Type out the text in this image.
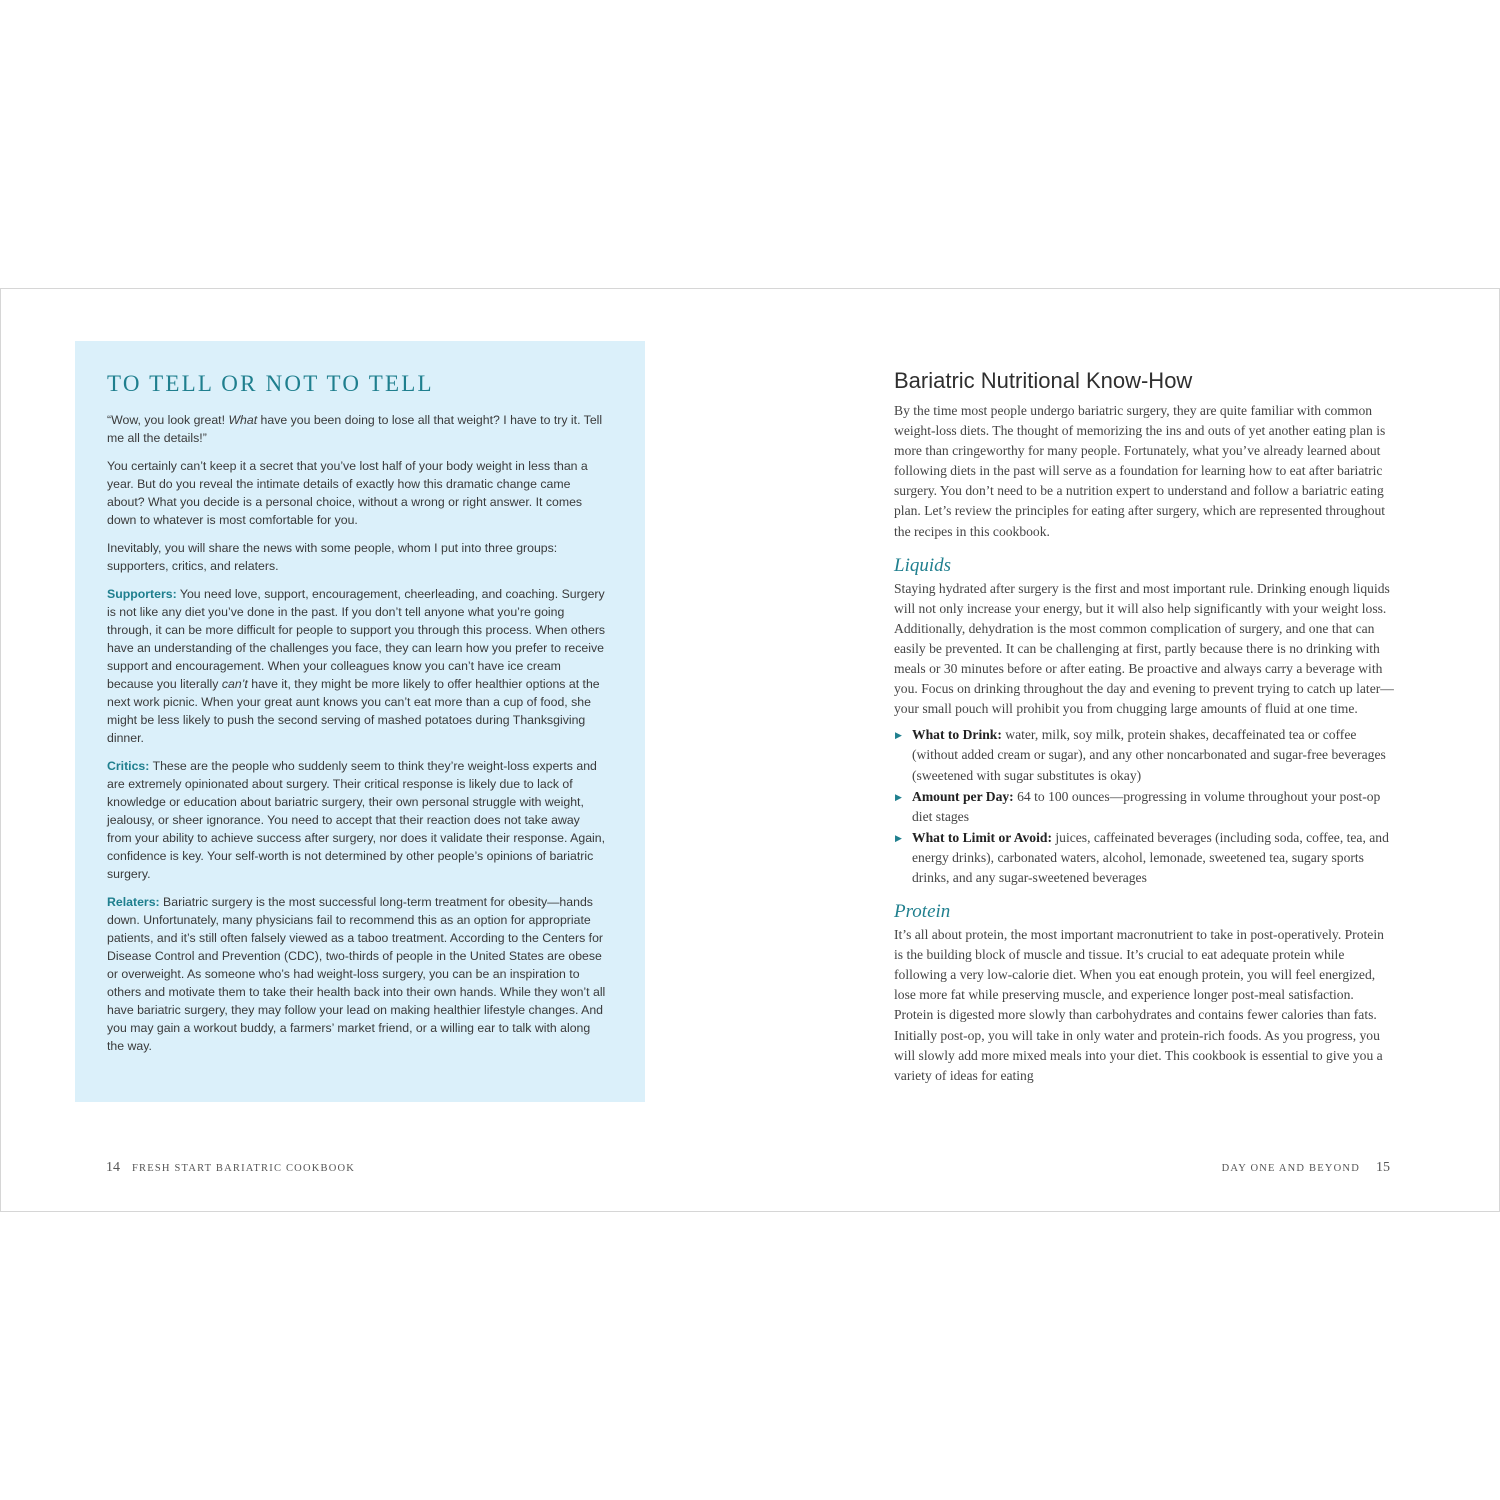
TO TELL OR NOT TO TELL

“Wow, you look great! What have you been doing to lose all that weight? I have to try it. Tell me all the details!”

You certainly can’t keep it a secret that you’ve lost half of your body weight in less than a year. But do you reveal the intimate details of exactly how this dramatic change came about? What you decide is a personal choice, without a wrong or right answer. It comes down to whatever is most comfortable for you.

Inevitably, you will share the news with some people, whom I put into three groups: supporters, critics, and relaters.

Supporters: You need love, support, encouragement, cheerleading, and coaching. Surgery is not like any diet you’ve done in the past. If you don’t tell anyone what you’re going through, it can be more difficult for people to support you through this process. When others have an understanding of the challenges you face, they can learn how you prefer to receive support and encouragement. When your colleagues know you can’t have ice cream because you literally can’t have it, they might be more likely to offer healthier options at the next work picnic. When your great aunt knows you can’t eat more than a cup of food, she might be less likely to push the second serving of mashed potatoes during Thanksgiving dinner.

Critics: These are the people who suddenly seem to think they’re weight-loss experts and are extremely opinionated about surgery. Their critical response is likely due to lack of knowledge or education about bariatric surgery, their own personal struggle with weight, jealousy, or sheer ignorance. You need to accept that their reaction does not take away from your ability to achieve success after surgery, nor does it validate their response. Again, confidence is key. Your self-worth is not determined by other people’s opinions of bariatric surgery.

Relaters: Bariatric surgery is the most successful long-term treatment for obesity—hands down. Unfortunately, many physicians fail to recommend this as an option for appropriate patients, and it’s still often falsely viewed as a taboo treatment. According to the Centers for Disease Control and Prevention (CDC), two-thirds of people in the United States are obese or overweight. As someone who’s had weight-loss surgery, you can be an inspiration to others and motivate them to take their health back into their own hands. While they won’t all have bariatric surgery, they may follow your lead on making healthier lifestyle changes. And you may gain a workout buddy, a farmers’ market friend, or a willing ear to talk with along the way.

Bariatric Nutritional Know-How

By the time most people undergo bariatric surgery, they are quite familiar with common weight-loss diets. The thought of memorizing the ins and outs of yet another eating plan is more than cringeworthy for many people. Fortunately, what you’ve already learned about following diets in the past will serve as a foundation for learning how to eat after bariatric surgery. You don’t need to be a nutrition expert to understand and follow a bariatric eating plan. Let’s review the principles for eating after surgery, which are represented throughout the recipes in this cookbook.

Liquids

Staying hydrated after surgery is the first and most important rule. Drinking enough liquids will not only increase your energy, but it will also help significantly with your weight loss. Additionally, dehydration is the most common complication of surgery, and one that can easily be prevented. It can be challenging at first, partly because there is no drinking with meals or 30 minutes before or after eating. Be proactive and always carry a beverage with you. Focus on drinking throughout the day and evening to prevent trying to catch up later—your small pouch will prohibit you from chugging large amounts of fluid at one time.

▶ What to Drink: water, milk, soy milk, protein shakes, decaffeinated tea or coffee (without added cream or sugar), and any other noncarbonated and sugar-free beverages (sweetened with sugar substitutes is okay)
▶ Amount per Day: 64 to 100 ounces—progressing in volume throughout your post-op diet stages
▶ What to Limit or Avoid: juices, caffeinated beverages (including soda, coffee, tea, and energy drinks), carbonated waters, alcohol, lemonade, sweetened tea, sugary sports drinks, and any sugar-sweetened beverages
Protein

It’s all about protein, the most important macronutrient to take in post-operatively. Protein is the building block of muscle and tissue. It’s crucial to eat adequate protein while following a very low-calorie diet. When you eat enough protein, you will feel energized, lose more fat while preserving muscle, and experience longer post-meal satisfaction. Protein is digested more slowly than carbohydrates and contains fewer calories than fats. Initially post-op, you will take in only water and protein-rich foods. As you progress, you will slowly add more mixed meals into your diet. This cookbook is essential to give you a variety of ideas for eating

14 FRESH START BARIATRIC COOKBOOK	DAY ONE AND BEYOND 15
